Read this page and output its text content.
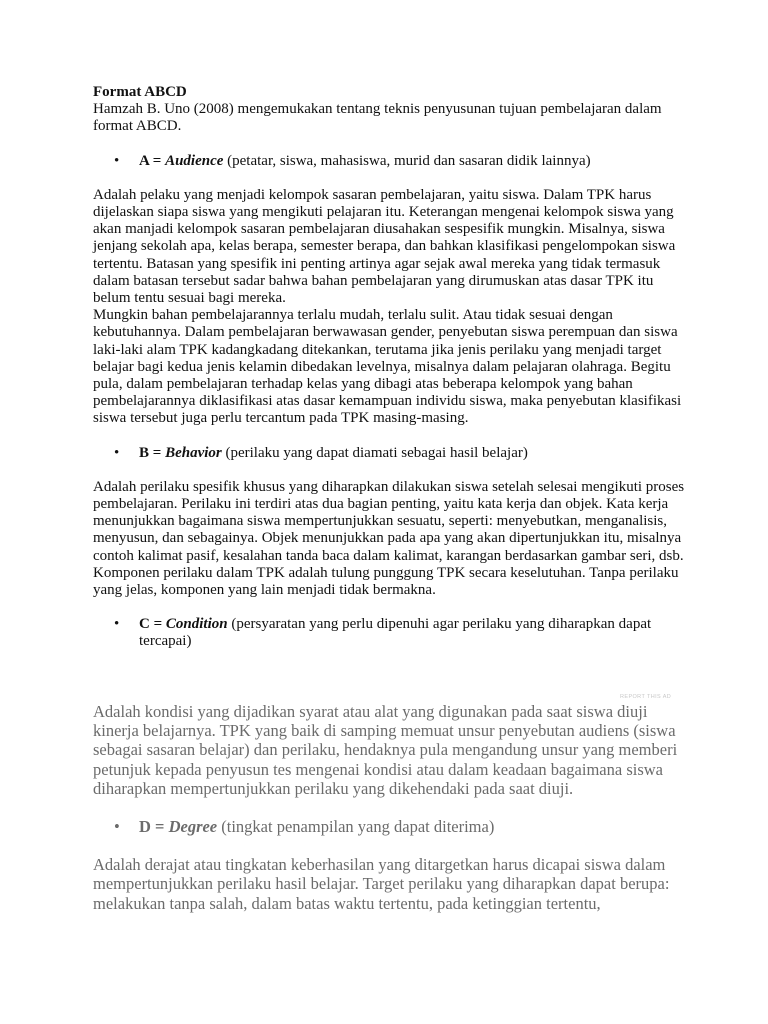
Format ABCD

Hamzah B. Uno (2008) mengemukakan tentang teknis penyusunan tujuan pembelajaran dalam format ABCD.

• A = Audience (petatar, siswa, mahasiswa, murid dan sasaran didik lainnya)

Adalah pelaku yang menjadi kelompok sasaran pembelajaran, yaitu siswa. Dalam TPK harus dijelaskan siapa siswa yang mengikuti pelajaran itu. Keterangan mengenai kelompok siswa yang akan manjadi kelompok sasaran pembelajaran diusahakan sespesifik mungkin. Misalnya, siswa jenjang sekolah apa, kelas berapa, semester berapa, dan bahkan klasifikasi pengelompokan siswa tertentu. Batasan yang spesifik ini penting artinya agar sejak awal mereka yang tidak termasuk dalam batasan tersebut sadar bahwa bahan pembelajaran yang dirumuskan atas dasar TPK itu belum tentu sesuai bagi mereka.

Mungkin bahan pembelajarannya terlalu mudah, terlalu sulit. Atau tidak sesuai dengan kebutuhannya. Dalam pembelajaran berwawasan gender, penyebutan siswa perempuan dan siswa laki-laki alam TPK kadangkadang ditekankan, terutama jika jenis perilaku yang menjadi target belajar bagi kedua jenis kelamin dibedakan levelnya, misalnya dalam pelajaran olahraga. Begitu pula, dalam pembelajaran terhadap kelas yang dibagi atas beberapa kelompok yang bahan pembelajarannya diklasifikasi atas dasar kemampuan individu siswa, maka penyebutan klasifikasi siswa tersebut juga perlu tercantum pada TPK masing-masing.

• B = Behavior (perilaku yang dapat diamati sebagai hasil belajar)

Adalah perilaku spesifik khusus yang diharapkan dilakukan siswa setelah selesai mengikuti proses pembelajaran. Perilaku ini terdiri atas dua bagian penting, yaitu kata kerja dan objek. Kata kerja menunjukkan bagaimana siswa mempertunjukkan sesuatu, seperti: menyebutkan, menganalisis, menyusun, dan sebagainya. Objek menunjukkan pada apa yang akan dipertunjukkan itu, misalnya contoh kalimat pasif, kesalahan tanda baca dalam kalimat, karangan berdasarkan gambar seri, dsb. Komponen perilaku dalam TPK adalah tulung punggung TPK secara keselutuhan. Tanpa perilaku yang jelas, komponen yang lain menjadi tidak bermakna.

• C = Condition (persyaratan yang perlu dipenuhi agar perilaku yang diharapkan dapat tercapai)

REPORT THIS AD

Adalah kondisi yang dijadikan syarat atau alat yang digunakan pada saat siswa diuji kinerja belajarnya. TPK yang baik di samping memuat unsur penyebutan audiens (siswa sebagai sasaran belajar) dan perilaku, hendaknya pula mengandung unsur yang memberi petunjuk kepada penyusun tes mengenai kondisi atau dalam keadaan bagaimana siswa diharapkan mempertunjukkan perilaku yang dikehendaki pada saat diuji.

• D = Degree (tingkat penampilan yang dapat diterima)

Adalah derajat atau tingkatan keberhasilan yang ditargetkan harus dicapai siswa dalam mempertunjukkan perilaku hasil belajar. Target perilaku yang diharapkan dapat berupa: melakukan tanpa salah, dalam batas waktu tertentu, pada ketinggian tertentu,
